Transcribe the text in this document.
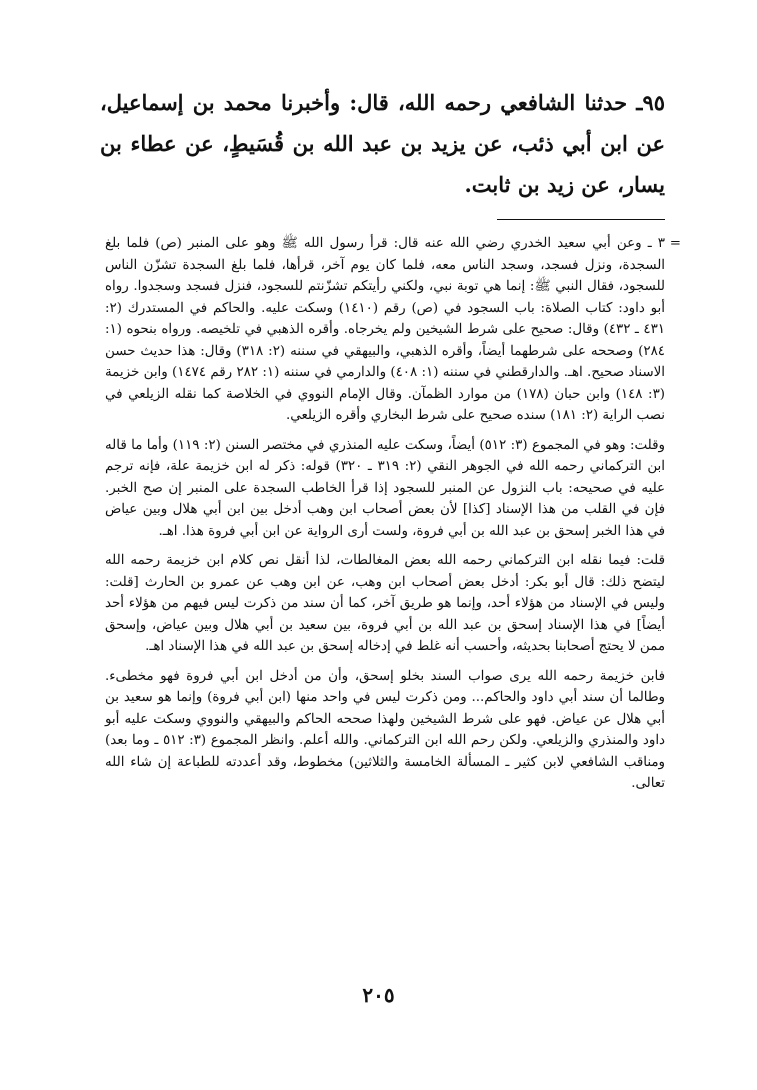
٩٥ـ حدثنا الشافعي رحمه الله، قال: وأخبرنا محمد بن إسماعيل، عن ابن أبي ذئب، عن يزيد بن عبد الله بن قُسَيطٍ، عن عطاء بن يسار، عن زيد بن ثابت.

=
٣ ـ وعن أبي سعيد الخدري رضي الله عنه قال: قرأ رسول الله ﷺ وهو على المنبر (ص) فلما بلغ السجدة، ونزل فسجد، وسجد الناس معه، فلما كان يوم آخر، قرأها، فلما بلغ السجدة تشزّن الناس للسجود، فقال النبي ﷺ: إنما هي توبة نبي، ولكني رأيتكم تشزّنتم للسجود، فنزل فسجد وسجدوا. رواه أبو داود: كتاب الصلاة: باب السجود في (ص) رقم (١٤١٠) وسكت عليه. والحاكم في المستدرك (٢: ٤٣١ ـ ٤٣٢) وقال: صحيح على شرط الشيخين ولم يخرجاه. وأقره الذهبي في تلخيصه. ورواه بنحوه (١: ٢٨٤) وصححه على شرطهما أيضاً، وأقره الذهبي، والبيهقي في سننه (٢: ٣١٨) وقال: هذا حديث حسن الاسناد صحيح. اهـ. والدارقطني في سننه (١: ٤٠٨) والدارمي في سننه (١: ٢٨٢ رقم ١٤٧٤) وابن خزيمة (٣: ١٤٨) وابن حبان (١٧٨) من موارد الظمآن. وقال الإمام النووي في الخلاصة كما نقله الزيلعي في نصب الراية (٢: ١٨١) سنده صحيح على شرط البخاري وأقره الزيلعي.

وقلت: وهو في المجموع (٣: ٥١٢) أيضاً، وسكت عليه المنذري في مختصر السنن (٢: ١١٩) وأما ما قاله ابن التركماني رحمه الله في الجوهر النقي (٢: ٣١٩ ـ ٣٢٠) قوله: ذكر له ابن خزيمة علة، فإنه ترجم عليه في صحيحه: باب النزول عن المنبر للسجود إذا قرأ الخاطب السجدة على المنبر إن صح الخبر. فإن في القلب من هذا الإسناد [كذا] لأن بعض أصحاب ابن وهب أدخل بين ابن أبي هلال وبين عياض في هذا الخبر إسحق بن عبد الله بن أبي فروة، ولست أرى الرواية عن ابن أبي فروة هذا. اهـ.

قلت: فيما نقله ابن التركماني رحمه الله بعض المغالطات، لذا أنقل نص كلام ابن خزيمة رحمه الله ليتضح ذلك: قال أبو بكر: أدخل بعض أصحاب ابن وهب، عن ابن وهب عن عمرو بن الحارث [قلت: وليس في الإسناد من هؤلاء أحد، وإنما هو طريق آخر، كما أن سند من ذكرت ليس فيهم من هؤلاء أحد أيضاً] في هذا الإسناد إسحق بن عبد الله بن أبي فروة، بين سعيد بن أبي هلال وبين عياض، وإسحق ممن لا يحتج أصحابنا بحديثه، وأحسب أنه غلط في إدخاله إسحق بن عبد الله في هذا الإسناد اهـ.

فابن خزيمة رحمه الله يرى صواب السند بخلو إسحق، وأن من أدخل ابن أبي فروة فهو مخطىء. وطالما أن سند أبي داود والحاكم... ومن ذكرت ليس في واحد منها (ابن أبي فروة) وإنما هو سعيد بن أبي هلال عن عياض. فهو على شرط الشيخين ولهذا صححه الحاكم والبيهقي والنووي وسكت عليه أبو داود والمنذري والزيلعي. ولكن رحم الله ابن التركماني. والله أعلم. وانظر المجموع (٣: ٥١٢ ـ وما بعد) ومناقب الشافعي لابن كثير ـ المسألة الخامسة والثلاثين) مخطوط، وقد أعددته للطباعة إن شاء الله تعالى.

٢٠٥
